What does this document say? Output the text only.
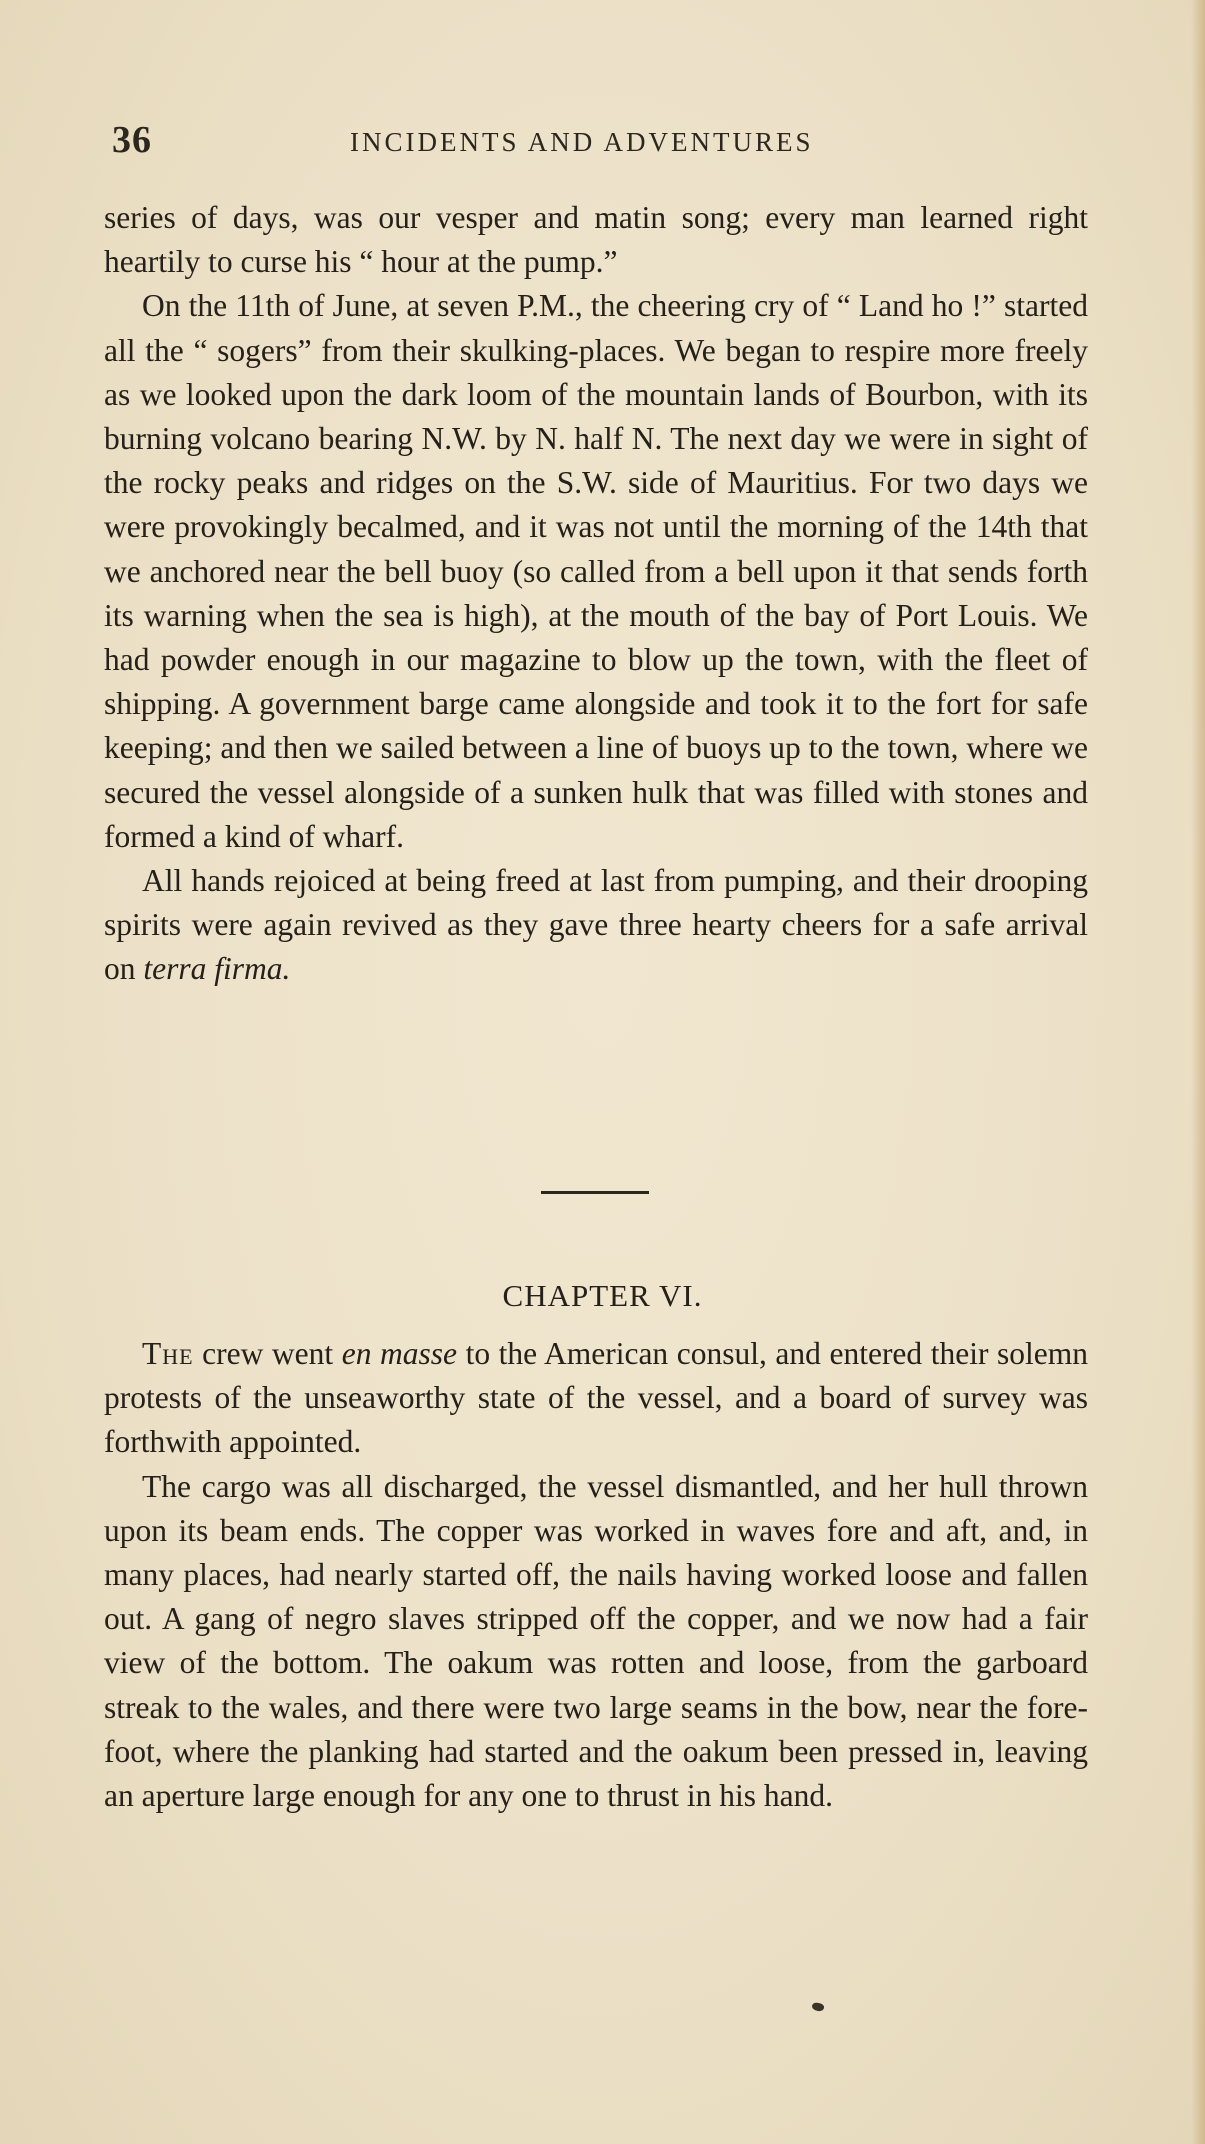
36	INCIDENTS AND ADVENTURES

series of days, was our vesper and matin song; every man learned right heartily to curse his “ hour at the pump.”

On the 11th of June, at seven P.M., the cheering cry of “ Land ho !” started all the “ sogers” from their skulking-places. We began to respire more freely as we looked upon the dark loom of the mountain lands of Bourbon, with its burning volcano bearing N.W. by N. half N. The next day we were in sight of the rocky peaks and ridges on the S.W. side of Mauritius. For two days we were provokingly becalmed, and it was not until the morning of the 14th that we anchored near the bell buoy (so called from a bell upon it that sends forth its warning when the sea is high), at the mouth of the bay of Port Louis. We had powder enough in our magazine to blow up the town, with the fleet of shipping. A government barge came alongside and took it to the fort for safe keeping; and then we sailed between a line of buoys up to the town, where we secured the vessel alongside of a sunken hulk that was filled with stones and formed a kind of wharf.

All hands rejoiced at being freed at last from pumping, and their drooping spirits were again revived as they gave three hearty cheers for a safe arrival on terra firma.

CHAPTER VI.

The crew went en masse to the American consul, and entered their solemn protests of the unseaworthy state of the vessel, and a board of survey was forthwith appointed.

The cargo was all discharged, the vessel dismantled, and her hull thrown upon its beam ends. The copper was worked in waves fore and aft, and, in many places, had nearly started off, the nails having worked loose and fallen out. A gang of negro slaves stripped off the copper, and we now had a fair view of the bottom. The oakum was rotten and loose, from the garboard streak to the wales, and there were two large seams in the bow, near the fore-foot, where the planking had started and the oakum been pressed in, leaving an aperture large enough for any one to thrust in his hand.
